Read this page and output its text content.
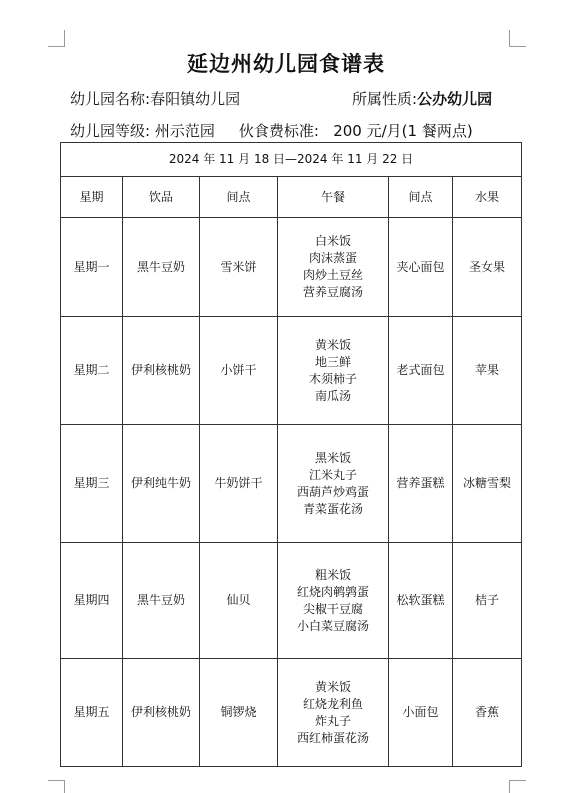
延边州幼儿园食谱表
幼儿园名称:春阳镇幼儿园	所属性质:公办幼儿园
幼儿园等级: 州示范园 伙食费标准: 200 元/月(1 餐两点)
2024 年 11 月 18 日—2024 年 11 月 22 日					
星期	饮品	间点	午餐	间点	水果
星期一	黑牛豆奶	雪米饼	白米饭
肉沫蒸蛋
肉炒土豆丝
营养豆腐汤	夹心面包	圣女果
星期二	伊利核桃奶	小饼干	黄米饭
地三鲜
木须柿子
南瓜汤	老式面包	苹果
星期三	伊利纯牛奶	牛奶饼干	黑米饭
江米丸子
西葫芦炒鸡蛋
青菜蛋花汤	营养蛋糕	冰糖雪梨
星期四	黑牛豆奶	仙贝	粗米饭
红烧肉鹌鹑蛋
尖椒干豆腐
小白菜豆腐汤	松软蛋糕	桔子
星期五	伊利核桃奶	铜锣烧	黄米饭
红烧龙利鱼
炸丸子
西红柿蛋花汤	小面包	香蕉
